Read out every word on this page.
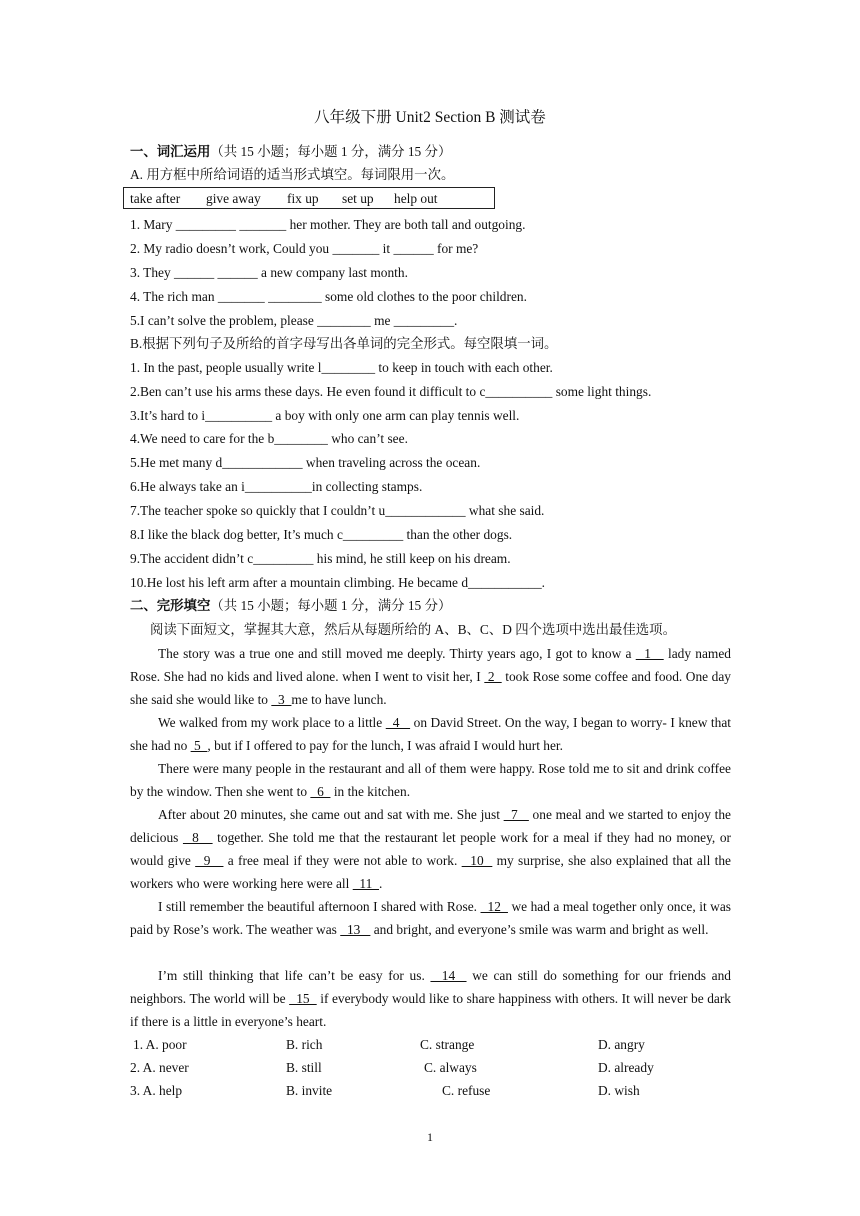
八年级下册 Unit2 Section B 测试卷
一、词汇运用（共 15 小题；每小题 1 分，满分 15 分）
A. 用方框中所给词语的适当形式填空。每词限用一次。
take after give away fix up set up help out
1. Mary _________ _______ her mother. They are both tall and outgoing.
2. My radio doesn’t work, Could you _______ it ______ for me?
3. They ______ ______ a new company last month.
4. The rich man _______ ________ some old clothes to the poor children.
5.I can’t solve the problem, please ________ me _________.
B.根据下列句子及所给的首字母写出各单词的完全形式。每空限填一词。
1. In the past, people usually write l________ to keep in touch with each other.
2.Ben can’t use his arms these days. He even found it difficult to c__________ some light things.
3.It’s hard to i__________ a boy with only one arm can play tennis well.
4.We need to care for the b________ who can’t see.
5.He met many d____________ when traveling across the ocean.
6.He always take an i__________in collecting stamps.
7.The teacher spoke so quickly that I couldn’t u____________ what she said.
8.I like the black dog better, It’s much c_________ than the other dogs.
9.The accident didn’t c_________ his mind, he still keep on his dream.
10.He lost his left arm after a mountain climbing. He became d___________.
二、完形填空（共 15 小题；每小题 1 分，满分 15 分）
阅读下面短文，掌握其大意，然后从每题所给的 A、B、C、D 四个选项中选出最佳选项。
The story was a true one and still moved me deeply. Thirty years ago, I got to know a   1    lady named Rose. She had no kids and lived alone. when I went to visit her, I  2   took Rose some coffee and food. One day she said she would like to   3  me to have lunch.
We walked from my work place to a little   4    on David Street. On the way, I began to worry- I knew that she had no  5  , but if I offered to pay for the lunch, I was afraid I would hurt her.
There were many people in the restaurant and all of them were happy. Rose told me to sit and drink coffee by the window. Then she went to   6   in the kitchen.
After about 20 minutes, she came out and sat with me. She just   7    one meal and we started to enjoy the delicious   8    together. She told me that the restaurant let people work for a meal if they had no money, or would give   9    a free meal if they were not able to work.   10   my surprise, she also explained that all the workers who were working here were all   11  .
I still remember the beautiful afternoon I shared with Rose.   12   we had a meal together only once, it was paid by Rose’s work. The weather was   13    and bright, and everyone’s smile was warm and bright as well.
I’m still thinking that life can’t be easy for us.   14   we can still do something for our friends and neighbors. The world will be   15   if everybody would like to share happiness with others. It will never be dark if there is a little in everyone’s heart.
1. A. poor	B. rich	C. strange	D. angry
2. A. never	B. still	C. always	D. already
3. A. help	B. invite	C. refuse	D. wish
1
